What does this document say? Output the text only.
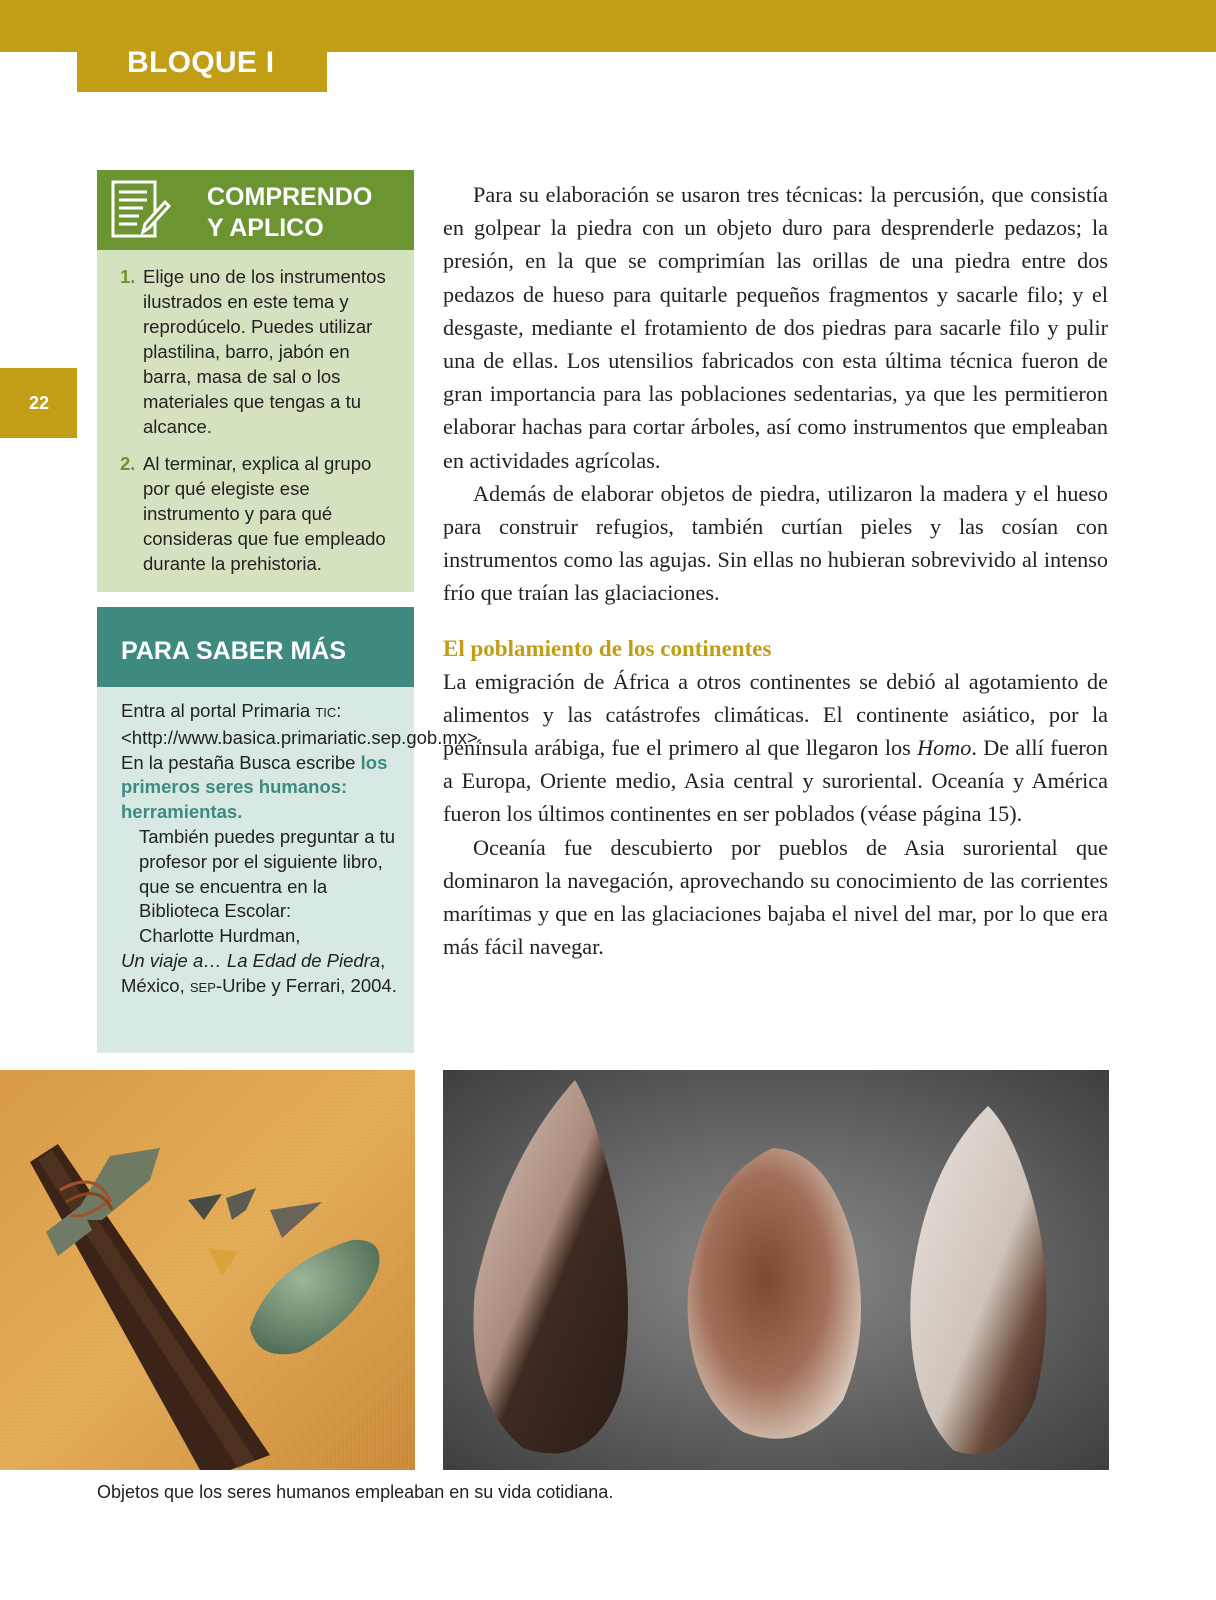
BLOQUE I
22
COMPRENDO
Y APLICO
1. Elige uno de los instrumentos ilustrados en este tema y reprodúcelo. Puedes utilizar plastilina, barro, jabón en barra, masa de sal o los materiales que tengas a tu alcance.
2. Al terminar, explica al grupo por qué elegiste ese instrumento y para qué consideras que fue empleado durante la prehistoria.
PARA SABER MÁS

Entra al portal Primaria TIC: <http://www.basica.primariatic.sep.gob.mx>. En la pestaña Busca escribe los primeros seres humanos: herramientas.

También puedes preguntar a tu profesor por el siguiente libro, que se encuentra en la Biblioteca Escolar:

Charlotte Hurdman,

Un viaje a… La Edad de Piedra, México, SEP-Uribe y Ferrari, 2004.

Para su elaboración se usaron tres técnicas: la percusión, que consistía en golpear la piedra con un objeto duro para desprenderle pedazos; la presión, en la que se comprimían las orillas de una piedra entre dos pedazos de hueso para quitarle pequeños fragmentos y sacarle filo; y el desgaste, mediante el frotamiento de dos piedras para sacarle filo y pulir una de ellas. Los utensilios fabricados con esta última técnica fueron de gran importancia para las poblaciones sedentarias, ya que les permitieron elaborar hachas para cortar árboles, así como instrumentos que empleaban en actividades agrícolas.

Además de elaborar objetos de piedra, utilizaron la madera y el hueso para construir refugios, también curtían pieles y las cosían con instrumentos como las agujas. Sin ellas no hubieran sobrevivido al intenso frío que traían las glaciaciones.

El poblamiento de los continentes

La emigración de África a otros continentes se debió al agotamiento de alimentos y las catástrofes climáticas. El continente asiático, por la península arábiga, fue el primero al que llegaron los Homo. De allí fueron a Europa, Oriente medio, Asia central y suroriental. Oceanía y América fueron los últimos continentes en ser poblados (véase página 15).

Oceanía fue descubierto por pueblos de Asia suroriental que dominaron la navegación, aprovechando su conocimiento de las corrientes marítimas y que en las glaciaciones bajaba el nivel del mar, por lo que era más fácil navegar.

Objetos que los seres humanos empleaban en su vida cotidiana.
